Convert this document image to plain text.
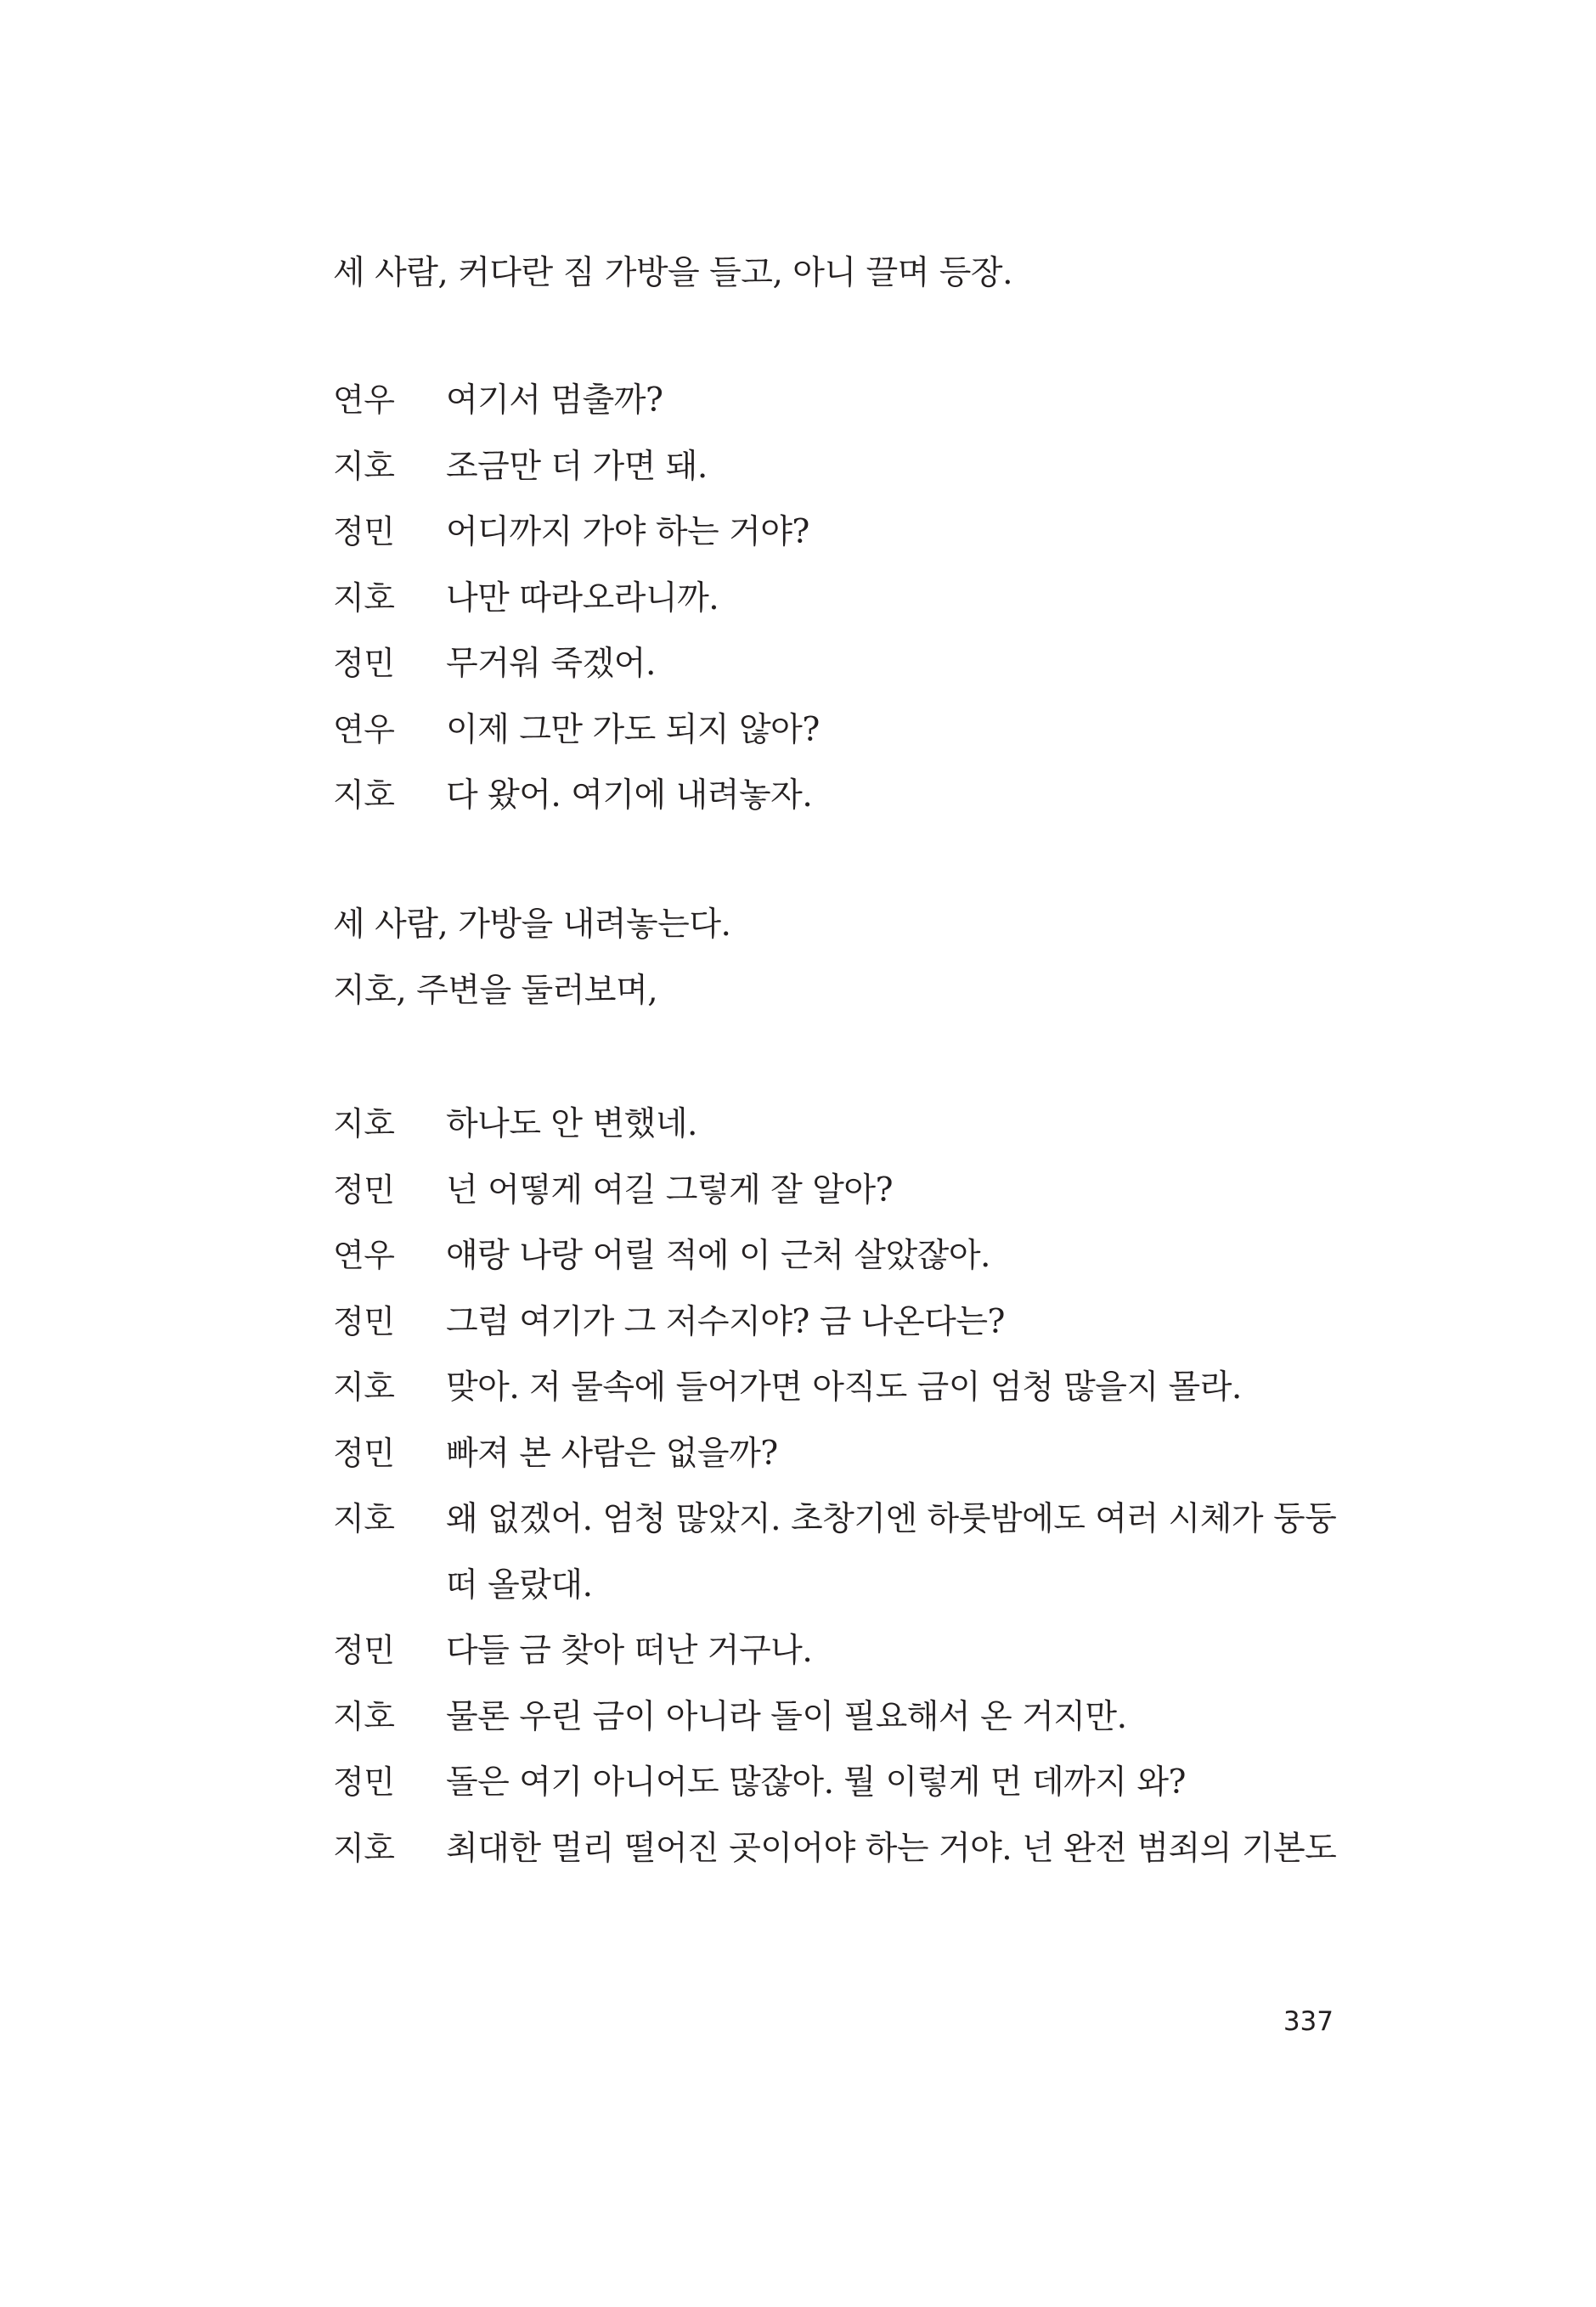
세 사람, 커다란 짐 가방을 들고, 아니 끌며 등장.
연우 여기서 멈출까?
지호 조금만 더 가면 돼.
정민 어디까지 가야 하는 거야?
지호 나만 따라오라니까.
정민 무거워 죽겠어.
연우 이제 그만 가도 되지 않아?
지호 다 왔어. 여기에 내려놓자.
세 사람, 가방을 내려놓는다.
지호, 주변을 둘러보며,
지호 하나도 안 변했네.
정민 넌 어떻게 여길 그렇게 잘 알아?
연우 얘랑 나랑 어릴 적에 이 근처 살았잖아.
정민 그럼 여기가 그 저수지야? 금 나온다는?
지호 맞아. 저 물속에 들어가면 아직도 금이 엄청 많을지 몰라.
정민 빠져 본 사람은 없을까?
지호 왜 없겠어. 엄청 많았지. 초창기엔 하룻밤에도 여러 시체가 둥둥
떠 올랐대.
정민 다들 금 찾아 떠난 거구나.
지호 물론 우린 금이 아니라 돌이 필요해서 온 거지만.
정민 돌은 여기 아니어도 많잖아. 뭘 이렇게 먼 데까지 와?
지호 최대한 멀리 떨어진 곳이어야 하는 거야. 넌 완전 범죄의 기본도
337
